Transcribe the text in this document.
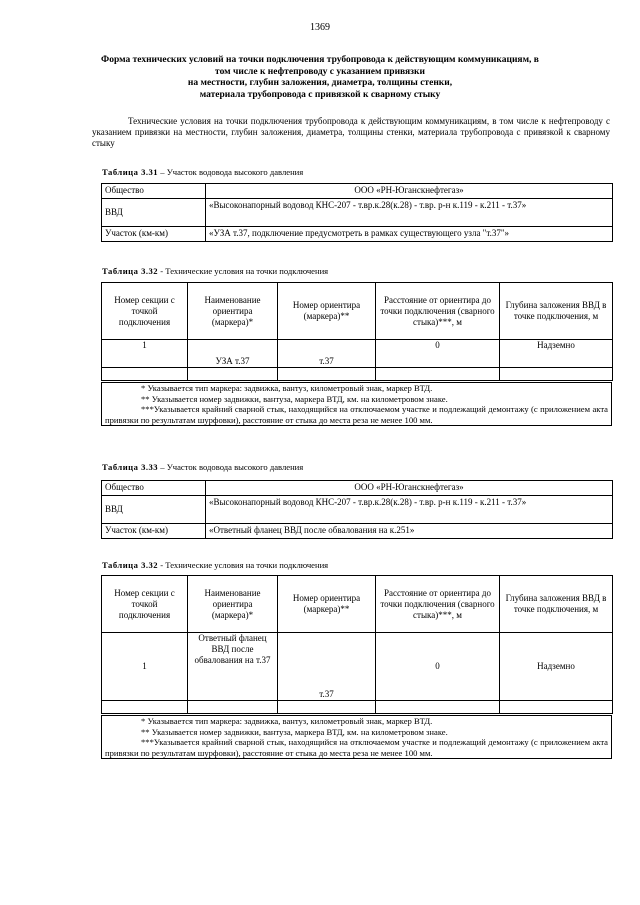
1369
Форма технических условий на точки подключения трубопровода к действующим коммуникациям, в
том числе к нефтепроводу с указанием привязки
на местности, глубин заложения, диаметра, толщины стенки,
материала трубопровода с привязкой к сварному стыку
Технические условия на точки подключения трубопровода к действующим коммуникациям, в том числе к нефтепроводу с указанием привязки на местности, глубин заложения, диаметра, толщины стенки, материала трубопровода с привязкой к сварному стыку
Таблица 3.31 – Участок водовода высокого давления
Общество	ООО «РН-Юганскнефтегаз»
ВВД	«Высоконапорный водовод КНС-207 - т.вр.к.28(к.28) - т.вр. р-н к.119 - к.211 - т.37»
Участок (км-км)	«УЗА т.37, подключение предусмотреть в рамках существующего узла "т.37"»
Таблица 3.32 - Технические условия на точки подключения
Номер секции с точкой подключения	Наименование ориентира (маркера)*	Номер ориентира (маркера)**	Расстояние от ориентира до точки подключения (сварного стыка)***, м	Глубина заложения ВВД в точке подключения, м
1	УЗА т.37	т.37	0	Надземно

* Указывается тип маркера: задвижка, вантуз, километровый знак, маркер ВТД.
** Указывается номер задвижки, вантуза, маркера ВТД, км. на километровом знаке.
***Указывается крайний сварной стык, находящийся на отключаемом участке и подлежащий демонтажу (с приложением акта привязки по результатам шурфовки), расстояние от стыка до места реза не менее 100 мм.
Таблица 3.33 – Участок водовода высокого давления
Общество	ООО «РН-Юганскнефтегаз»
ВВД	«Высоконапорный водовод КНС-207 - т.вр.к.28(к.28) - т.вр. р-н к.119 - к.211 - т.37»
Участок (км-км)	«Ответный фланец ВВД после обвалования на к.251»
Таблица 3.32 - Технические условия на точки подключения
Номер секции с точкой подключения	Наименование ориентира (маркера)*	Номер ориентира (маркера)**	Расстояние от ориентира до точки подключения (сварного стыка)***, м	Глубина заложения ВВД в точке подключения, м
1	Ответный фланец ВВД после обвалования на т.37	т.37	0	Надземно

* Указывается тип маркера: задвижка, вантуз, километровый знак, маркер ВТД.
** Указывается номер задвижки, вантуза, маркера ВТД, км. на километровом знаке.
***Указывается крайний сварной стык, находящийся на отключаемом участке и подлежащий демонтажу (с приложением акта привязки по результатам шурфовки), расстояние от стыка до места реза не менее 100 мм.
